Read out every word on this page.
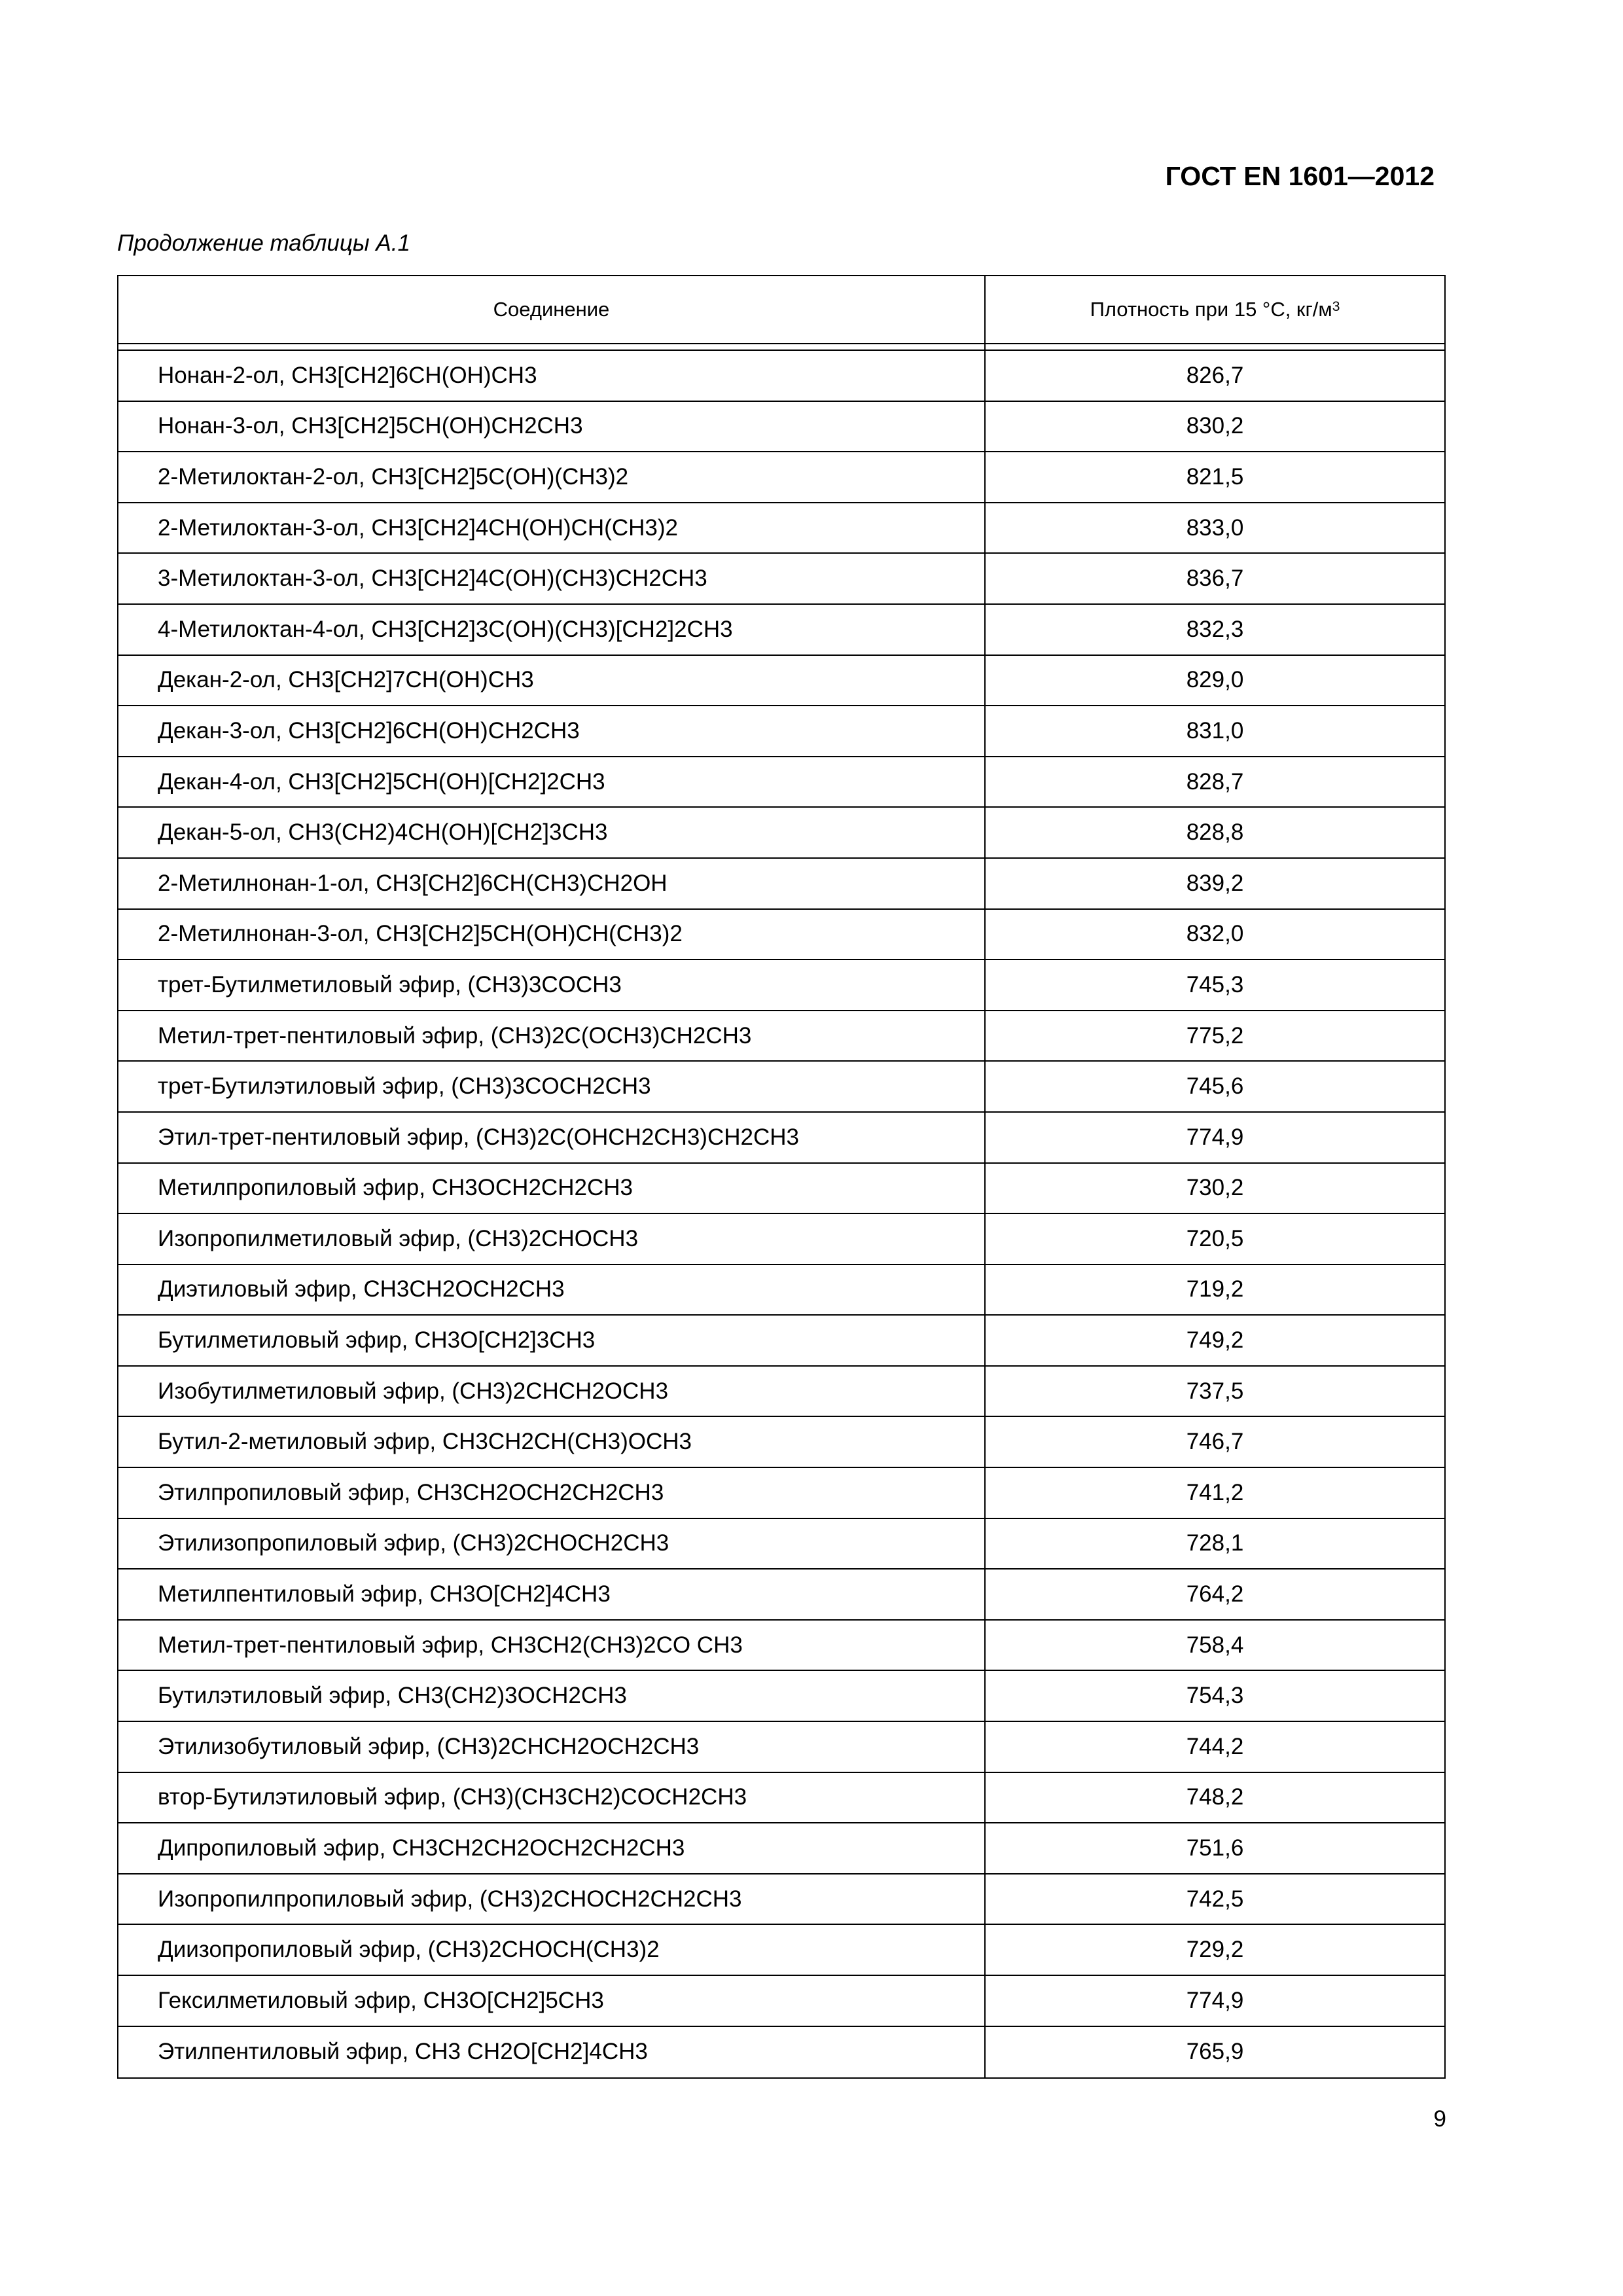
ГОСТ EN 1601—2012
Продолжение таблицы А.1
Соединение	Плотность при 15 °С, $кг/м^3$
Нонан-2-ол, CH3[CH2]6CH(OH)CH3	826,7
Нонан-3-ол, CH3[CH2]5CH(OH)CH2CH3	830,2
2-Метилоктан-2-ол, CH3[CH2]5C(OH)(CH3)2	821,5
2-Метилоктан-3-ол, CH3[CH2]4CH(OH)CH(CH3)2	833,0
3-Метилоктан-3-ол, CH3[CH2]4C(OH)(CH3)CH2CH3	836,7
4-Метилоктан-4-ол, CH3[CH2]3C(OH)(CH3)[CH2]2CH3	832,3
Декан-2-ол, CH3[CH2]7CH(OH)CH3	829,0
Декан-3-ол, CH3[CH2]6CH(OH)CH2CH3	831,0
Декан-4-ол, CH3[CH2]5CH(OH)[CH2]2CH3	828,7
Декан-5-ол, CH3(CH2)4CH(OH)[CH2]3CH3	828,8
2-Метилнонан-1-ол, CH3[CH2]6CH(CH3)CH2OH	839,2
2-Метилнонан-3-ол, CH3[CH2]5CH(OH)CH(CH3)2	832,0
трет-Бутилметиловый эфир, (CH3)3COCH3	745,3
Метил-трет-пентиловый эфир, (CH3)2C(OCH3)CH2CH3	775,2
трет-Бутилэтиловый эфир, (CH3)3COCH2CH3	745,6
Этил-трет-пентиловый эфир, (CH3)2C(OHCH2CH3)CH2CH3	774,9
Метилпропиловый эфир, CH3OCH2CH2CH3	730,2
Изопропилметиловый эфир, (CH3)2CHOCH3	720,5
Диэтиловый эфир, CH3CH2OCH2CH3	719,2
Бутилметиловый эфир, CH3O[CH2]3CH3	749,2
Изобутилметиловый эфир, (CH3)2CHCH2OCH3	737,5
Бутил-2-метиловый эфир, CH3CH2CH(CH3)OCH3	746,7
Этилпропиловый эфир, CH3CH2OCH2CH2CH3	741,2
Этилизопропиловый эфир, (CH3)2CHOCH2CH3	728,1
Метилпентиловый эфир, CH3O[CH2]4CH3	764,2
Метил-трет-пентиловый эфир, CH3CH2(CH3)2CO CH3	758,4
Бутилэтиловый эфир, CH3(CH2)3OCH2CH3	754,3
Этилизобутиловый эфир, (CH3)2CHCH2OCH2CH3	744,2
втор-Бутилэтиловый эфир, (CH3)(CH3CH2)COCH2CH3	748,2
Дипропиловый эфир, CH3CH2CH2OCH2CH2CH3	751,6
Изопропилпропиловый эфир, (CH3)2CHOCH2CH2CH3	742,5
Диизопропиловый эфир, (CH3)2CHOCH(CH3)2	729,2
Гексилметиловый эфир, CH3O[CH2]5CH3	774,9
Этилпентиловый эфир, CH3 CH2O[CH2]4CH3	765,9
9
